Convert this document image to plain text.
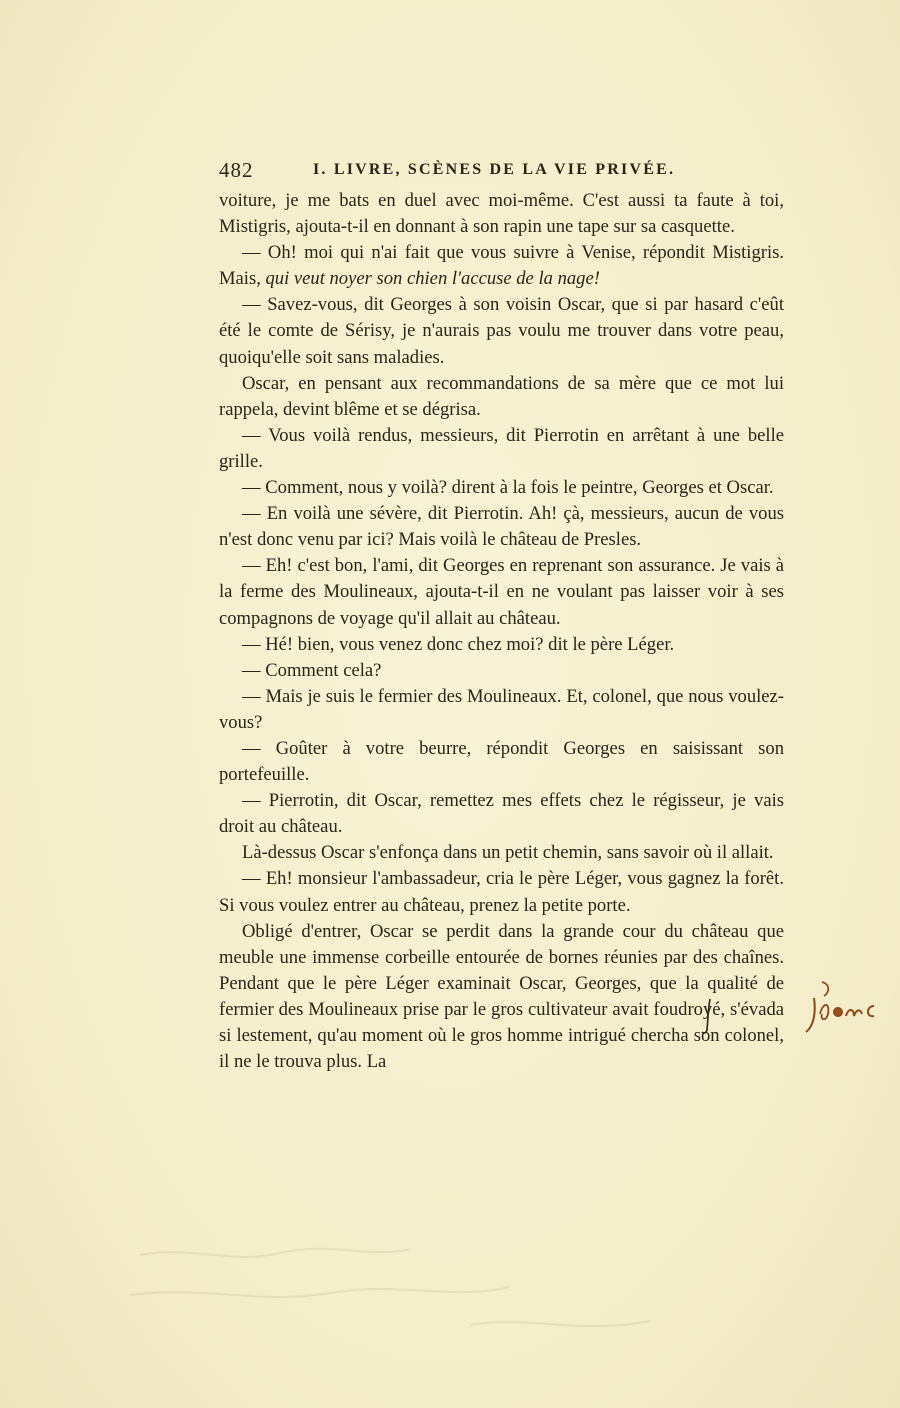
482	I. LIVRE, SCÈNES DE LA VIE PRIVÉE.

voiture, je me bats en duel avec moi-même. C'est aussi ta faute à toi, Mistigris, ajouta-t-il en donnant à son rapin une tape sur sa casquette.

— Oh! moi qui n'ai fait que vous suivre à Venise, répondit Mistigris. Mais, qui veut noyer son chien l'accuse de la nage!

— Savez-vous, dit Georges à son voisin Oscar, que si par hasard c'eût été le comte de Sérisy, je n'aurais pas voulu me trouver dans votre peau, quoiqu'elle soit sans maladies.

Oscar, en pensant aux recommandations de sa mère que ce mot lui rappela, devint blême et se dégrisa.

— Vous voilà rendus, messieurs, dit Pierrotin en arrêtant à une belle grille.

— Comment, nous y voilà? dirent à la fois le peintre, Georges et Oscar.

— En voilà une sévère, dit Pierrotin. Ah! çà, messieurs, aucun de vous n'est donc venu par ici? Mais voilà le château de Presles.

— Eh! c'est bon, l'ami, dit Georges en reprenant son assurance. Je vais à la ferme des Moulineaux, ajouta-t-il en ne voulant pas laisser voir à ses compagnons de voyage qu'il allait au château.

— Hé! bien, vous venez donc chez moi? dit le père Léger.

— Comment cela?

— Mais je suis le fermier des Moulineaux. Et, colonel, que nous voulez-vous?

— Goûter à votre beurre, répondit Georges en saisissant son portefeuille.

— Pierrotin, dit Oscar, remettez mes effets chez le régisseur, je vais droit au château.

Là-dessus Oscar s'enfonça dans un petit chemin, sans savoir où il allait.

— Eh! monsieur l'ambassadeur, cria le père Léger, vous gagnez la forêt. Si vous voulez entrer au château, prenez la petite porte.

Obligé d'entrer, Oscar se perdit dans la grande cour du château que meuble une immense corbeille entourée de bornes réunies par des chaînes. Pendant que le père Léger examinait Oscar, Georges, que la qualité de fermier des Moulineaux prise par le gros cultivateur avait foudroyé, s'évada si lestement, qu'au moment où le gros homme intrigué chercha son colonel, il ne le trouva plus. La
